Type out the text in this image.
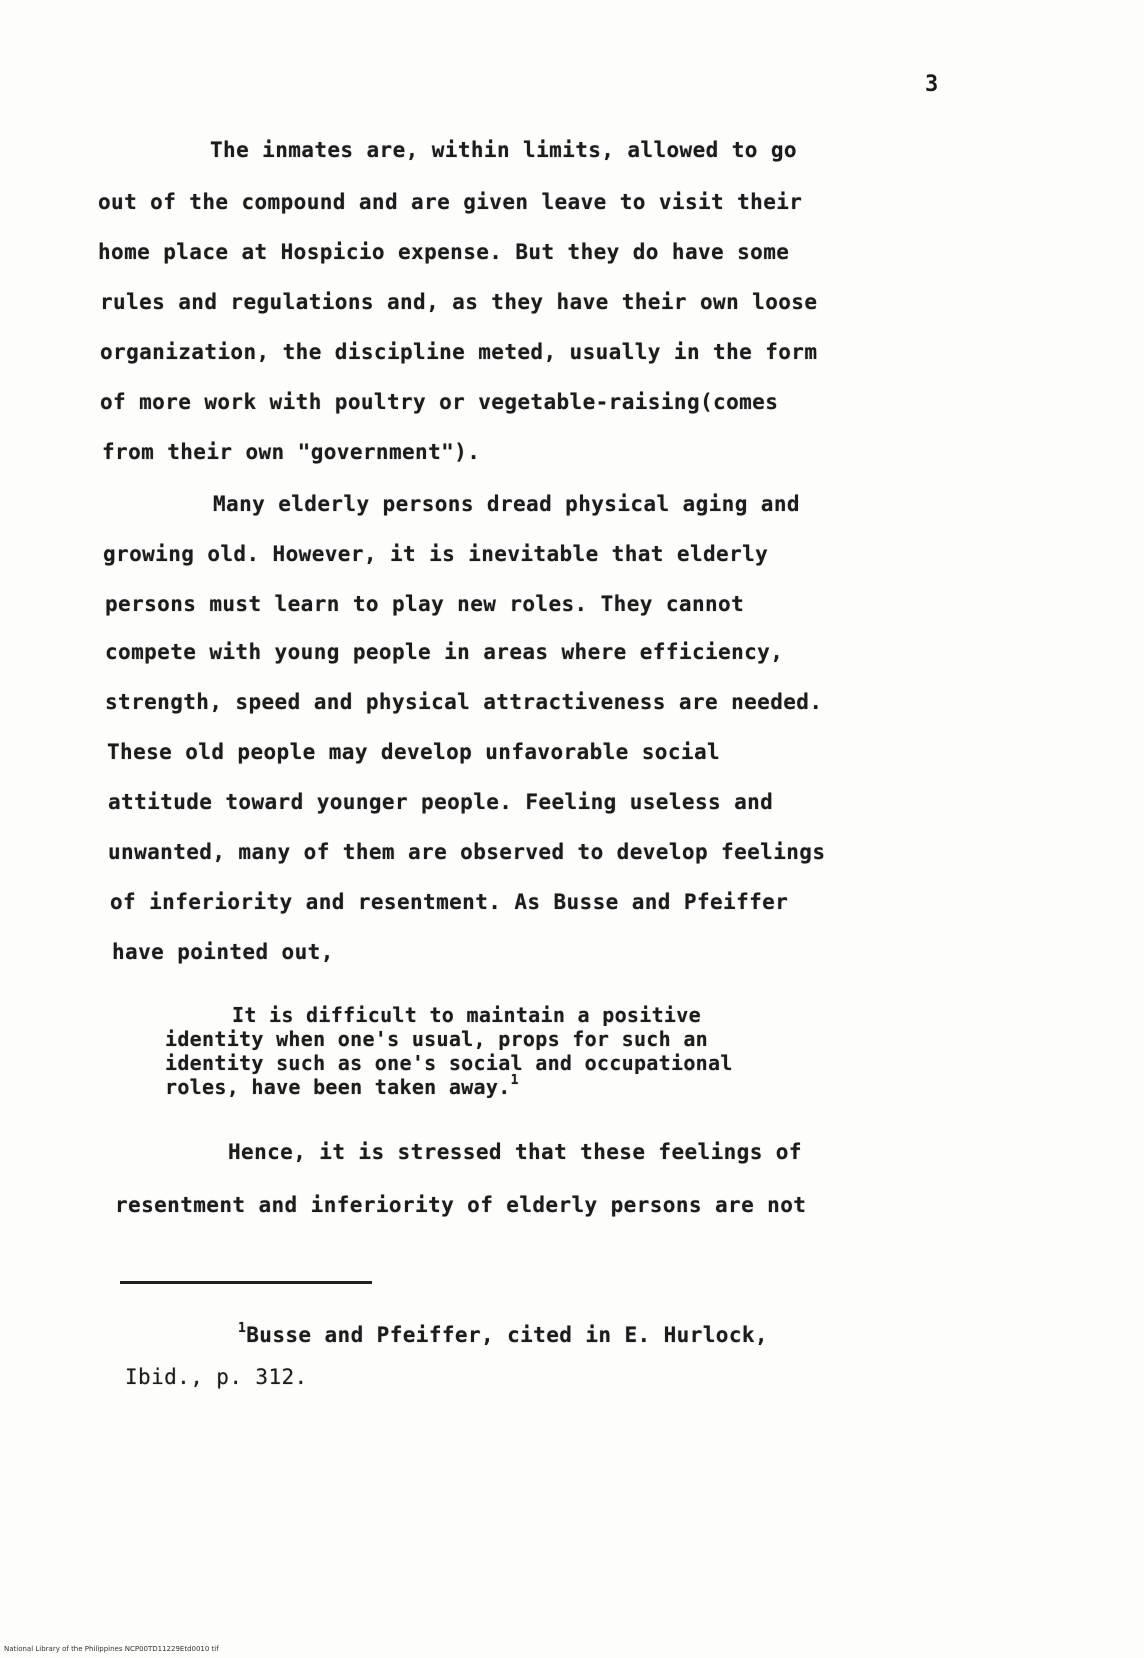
3
The inmates are, within limits, allowed to go
out of the compound and are given leave to visit their
home place at Hospicio expense. But they do have some
rules and regulations and, as they have their own loose
organization, the discipline meted, usually in the form
of more work with poultry or vegetable-raising(comes
from their own "government").
Many elderly persons dread physical aging and
growing old. However, it is inevitable that elderly
persons must learn to play new roles. They cannot
compete with young people in areas where efficiency,
strength, speed and physical attractiveness are needed.
These old people may develop unfavorable social
attitude toward younger people. Feeling useless and
unwanted, many of them are observed to develop feelings
of inferiority and resentment. As Busse and Pfeiffer
have pointed out,
It is difficult to maintain a positive
identity when one's usual, props for such an
identity such as one's social and occupational
roles, have been taken away.$^1$
Hence, it is stressed that these feelings of
resentment and inferiority of elderly persons are not
$^1$Busse and Pfeiffer, cited in E. Hurlock,
Ibid., p. 312.
National Library of the Philippines NCP00TD11229Etd0010 tif
